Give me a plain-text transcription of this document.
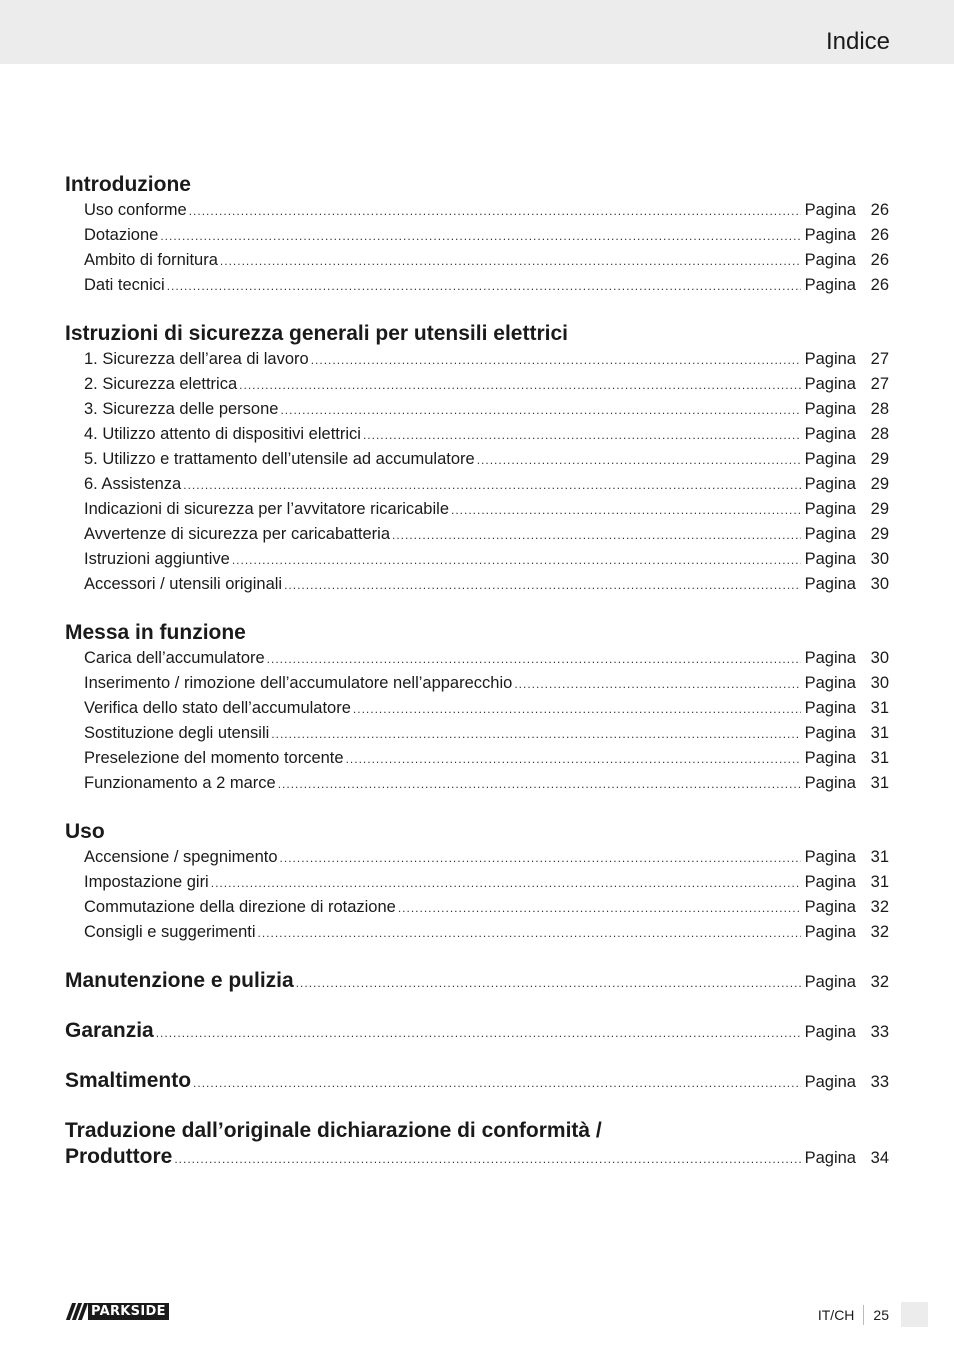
Indice
Introduzione
Uso conforme .....	Pagina 26
Dotazione .....	Pagina 26
Ambito di fornitura .....	Pagina 26
Dati tecnici .....	Pagina 26
Istruzioni di sicurezza generali per utensili elettrici
1. Sicurezza dell’area di lavoro .....	Pagina 27
2. Sicurezza elettrica .....	Pagina 27
3. Sicurezza delle persone .....	Pagina 28
4. Utilizzo attento di dispositivi elettrici .....	Pagina 28
5. Utilizzo e trattamento dell’utensile ad accumulatore .....	Pagina 29
6. Assistenza .....	Pagina 29
Indicazioni di sicurezza per l’avvitatore ricaricabile .....	Pagina 29
Avvertenze di sicurezza per caricabatteria .....	Pagina 29
Istruzioni aggiuntive .....	Pagina 30
Accessori / utensili originali .....	Pagina 30
Messa in funzione
Carica dell’accumulatore .....	Pagina 30
Inserimento / rimozione dell’accumulatore nell’apparecchio .....	Pagina 30
Verifica dello stato dell’accumulatore .....	Pagina 31
Sostituzione degli utensili .....	Pagina 31
Preselezione del momento torcente .....	Pagina 31
Funzionamento a 2 marce .....	Pagina 31
Uso
Accensione / spegnimento .....	Pagina 31
Impostazione giri .....	Pagina 31
Commutazione della direzione di rotazione .....	Pagina 32
Consigli e suggerimenti .....	Pagina 32
Manutenzione e pulizia .....	Pagina 32
Garanzia .....	Pagina 33
Smaltimento .....	Pagina 33
Traduzione dall’originale dichiarazione di conformità /
Produttore .....	Pagina 34
PARKSIDE	IT/CH 25
